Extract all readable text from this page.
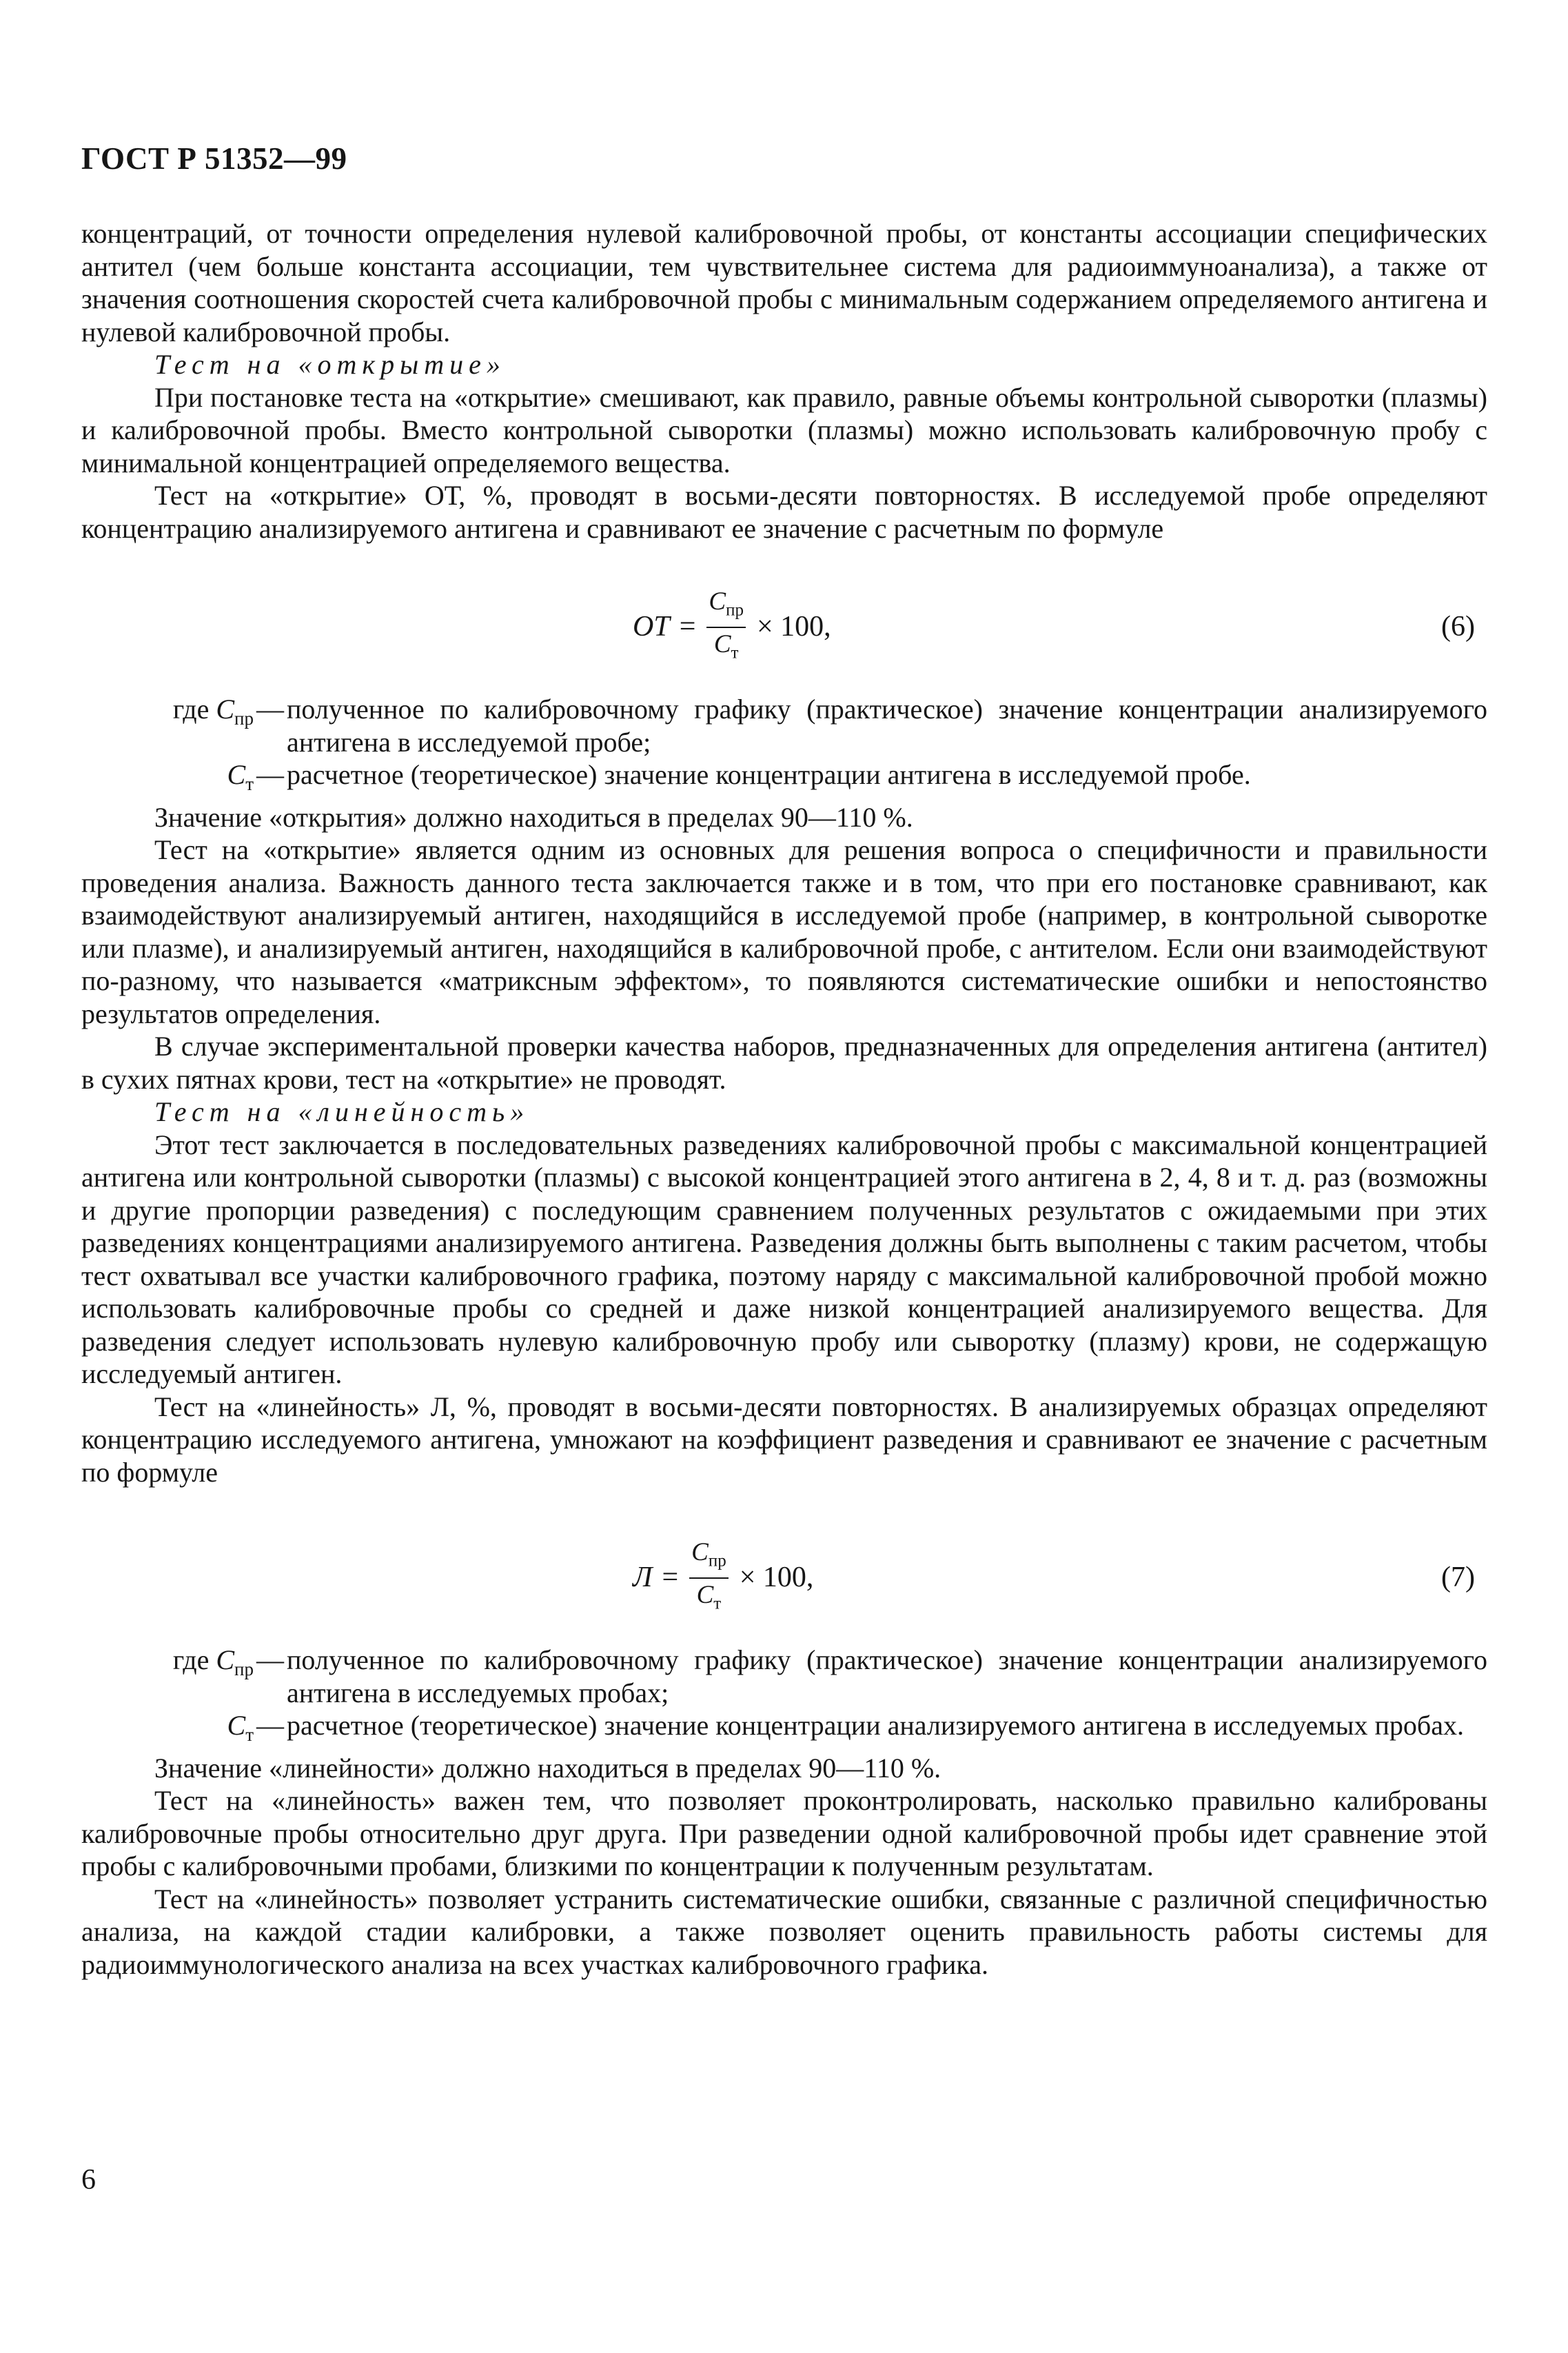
ГОСТ Р 51352—99

концентраций, от точности определения нулевой калибровочной пробы, от константы ассоциации специфических антител (чем больше константа ассоциации, тем чувствительнее система для радиоиммуноанализа), а также от значения соотношения скоростей счета калибровочной пробы с минимальным содержанием определяемого антигена и нулевой калибровочной пробы.

Тест на «открытие»

При постановке теста на «открытие» смешивают, как правило, равные объемы контрольной сыворотки (плазмы) и калибровочной пробы. Вместо контрольной сыворотки (плазмы) можно использовать калибровочную пробу с минимальной концентрацией определяемого вещества.

Тест на «открытие» ОТ, %, проводят в восьми-десяти повторностях. В исследуемой пробе определяют концентрацию анализируемого антигена и сравнивают ее значение с расчетным по формуле

ОТ = $\frac{С_{пр}}{С_т} \times 100$,	(6)
где $С_{пр}$ — полученное по калибровочному графику (практическое) значение концентрации анализируемого антигена в исследуемой пробе;
$С_т$ — расчетное (теоретическое) значение концентрации антигена в исследуемой пробе.

Значение «открытия» должно находиться в пределах 90—110 %.

Тест на «открытие» является одним из основных для решения вопроса о специфичности и правильности проведения анализа. Важность данного теста заключается также и в том, что при его постановке сравнивают, как взаимодействуют анализируемый антиген, находящийся в исследуемой пробе (например, в контрольной сыворотке или плазме), и анализируемый антиген, находящийся в калибровочной пробе, с антителом. Если они взаимодействуют по-разному, что называется «матриксным эффектом», то появляются систематические ошибки и непостоянство результатов определения.

В случае экспериментальной проверки качества наборов, предназначенных для определения антигена (антител) в сухих пятнах крови, тест на «открытие» не проводят.

Тест на «линейность»

Этот тест заключается в последовательных разведениях калибровочной пробы с максимальной концентрацией антигена или контрольной сыворотки (плазмы) с высокой концентрацией этого антигена в 2, 4, 8 и т. д. раз (возможны и другие пропорции разведения) с последующим сравнением полученных результатов с ожидаемыми при этих разведениях концентрациями анализируемого антигена. Разведения должны быть выполнены с таким расчетом, чтобы тест охватывал все участки калибровочного графика, поэтому наряду с максимальной калибровочной пробой можно использовать калибровочные пробы со средней и даже низкой концентрацией анализируемого вещества. Для разведения следует использовать нулевую калибровочную пробу или сыворотку (плазму) крови, не содержащую исследуемый антиген.

Тест на «линейность» Л, %, проводят в восьми-десяти повторностях. В анализируемых образцах определяют концентрацию исследуемого антигена, умножают на коэффициент разведения и сравнивают ее значение с расчетным по формуле

$Л = \frac{С_{пр}}{С_т} \times 100$,	(7)
где $С_{пр}$ — полученное по калибровочному графику (практическое) значение концентрации анализируемого антигена в исследуемых пробах;
$С_т$ — расчетное (теоретическое) значение концентрации анализируемого антигена в исследуемых пробах.

Значение «линейности» должно находиться в пределах 90—110 %.

Тест на «линейность» важен тем, что позволяет проконтролировать, насколько правильно калиброваны калибровочные пробы относительно друг друга. При разведении одной калибровочной пробы идет сравнение этой пробы с калибровочными пробами, близкими по концентрации к полученным результатам.

Тест на «линейность» позволяет устранить систематические ошибки, связанные с различной специфичностью анализа, на каждой стадии калибровки, а также позволяет оценить правильность работы системы для радиоиммунологического анализа на всех участках калибровочного графика.

6
